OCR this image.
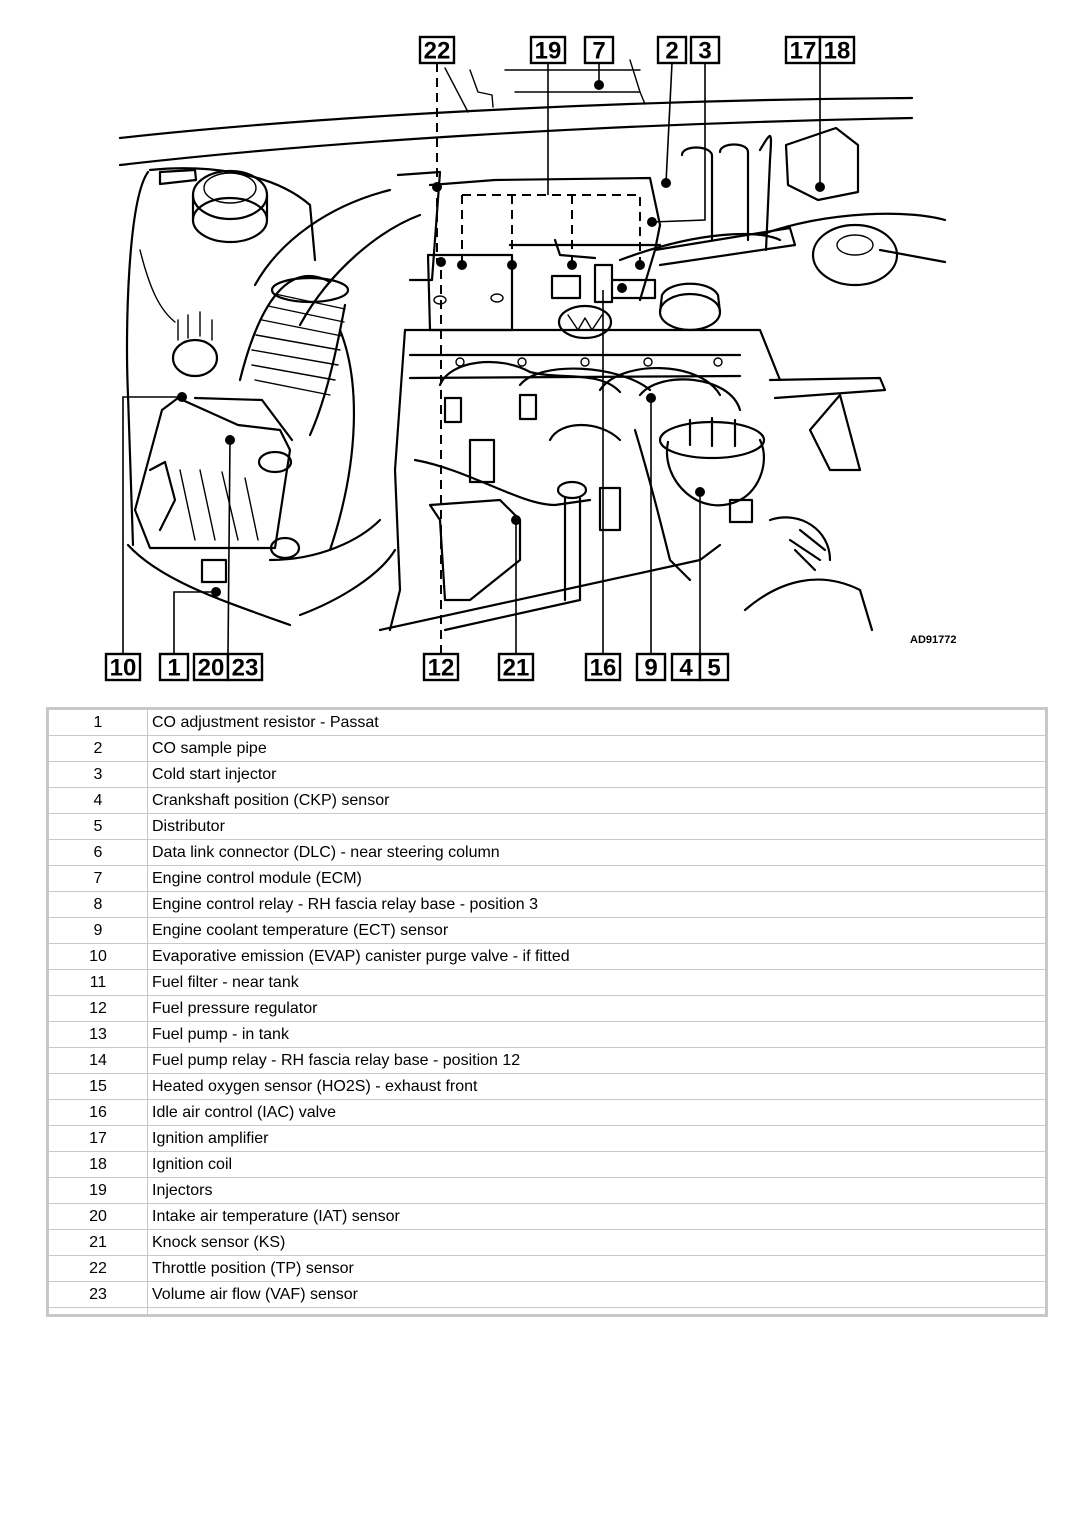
22	19 7 2 3	17 18
10 1 20 23	12 21	16 9 4 5
AD91772
1	CO adjustment resistor - Passat
2	CO sample pipe
3	Cold start injector
4	Crankshaft position (CKP) sensor
5	Distributor
6	Data link connector (DLC) - near steering column
7	Engine control module (ECM)
8	Engine control relay - RH fascia relay base - position 3
9	Engine coolant temperature (ECT) sensor
10	Evaporative emission (EVAP) canister purge valve - if fitted
11	Fuel filter - near tank
12	Fuel pressure regulator
13	Fuel pump - in tank
14	Fuel pump relay - RH fascia relay base - position 12
15	Heated oxygen sensor (HO2S) - exhaust front
16	Idle air control (IAC) valve
17	Ignition amplifier
18	Ignition coil
19	Injectors
20	Intake air temperature (IAT) sensor
21	Knock sensor (KS)
22	Throttle position (TP) sensor
23	Volume air flow (VAF) sensor
